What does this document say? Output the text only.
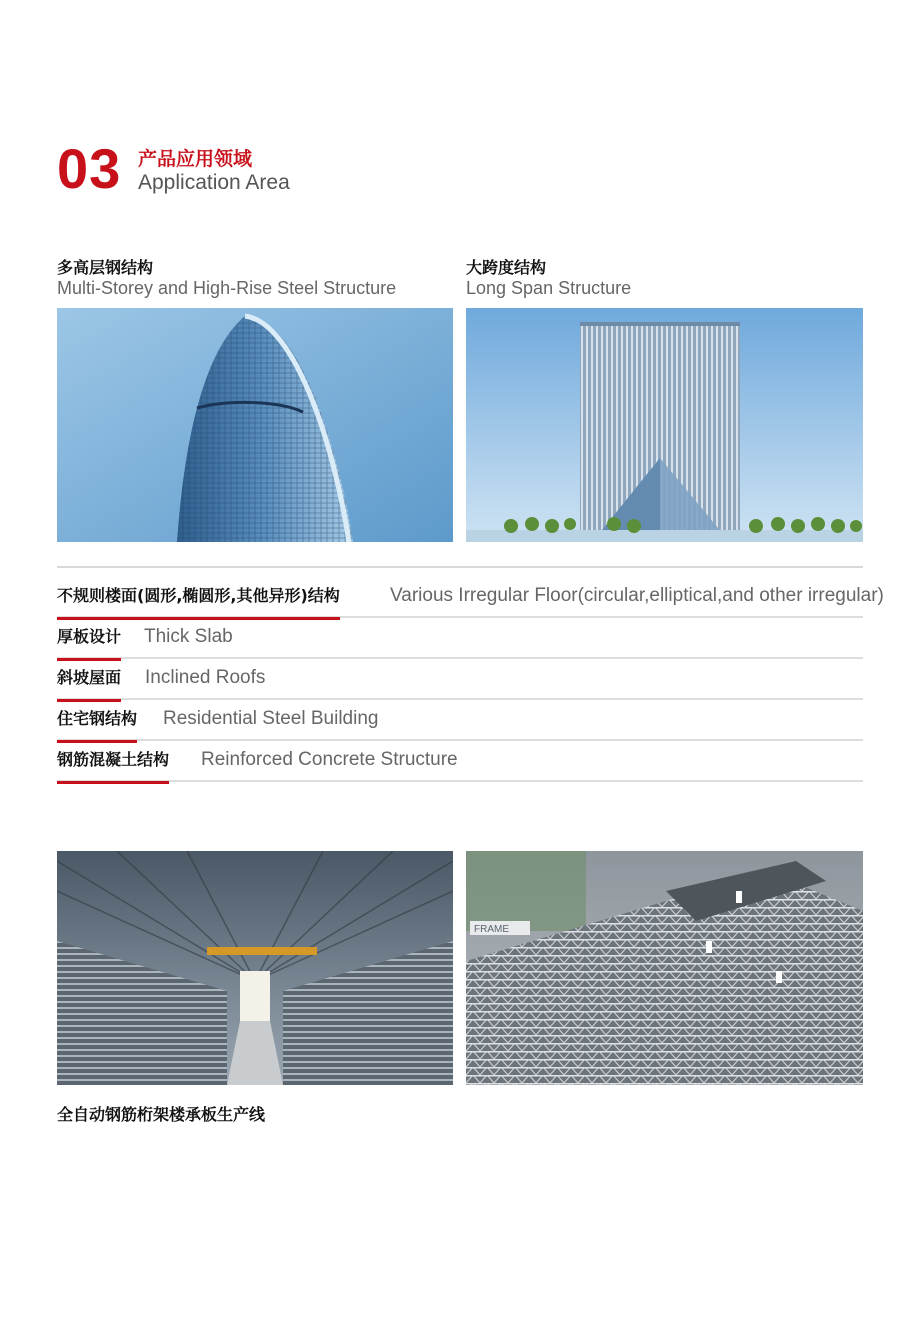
03 产品应用领域
Application Area
多高层钢结构
Multi-Storey and High-Rise Steel Structure
大跨度结构
Long Span Structure
不规则楼面(圆形,椭圆形,其他异形)结构	Various Irregular Floor(circular,elliptical,and other irregular)
厚板设计 Thick Slab
斜坡屋面 Inclined Roofs
住宅钢结构 Residential Steel Building
钢筋混凝土结构 Reinforced Concrete Structure
FRAME
全自动钢筋桁架楼承板生产线
